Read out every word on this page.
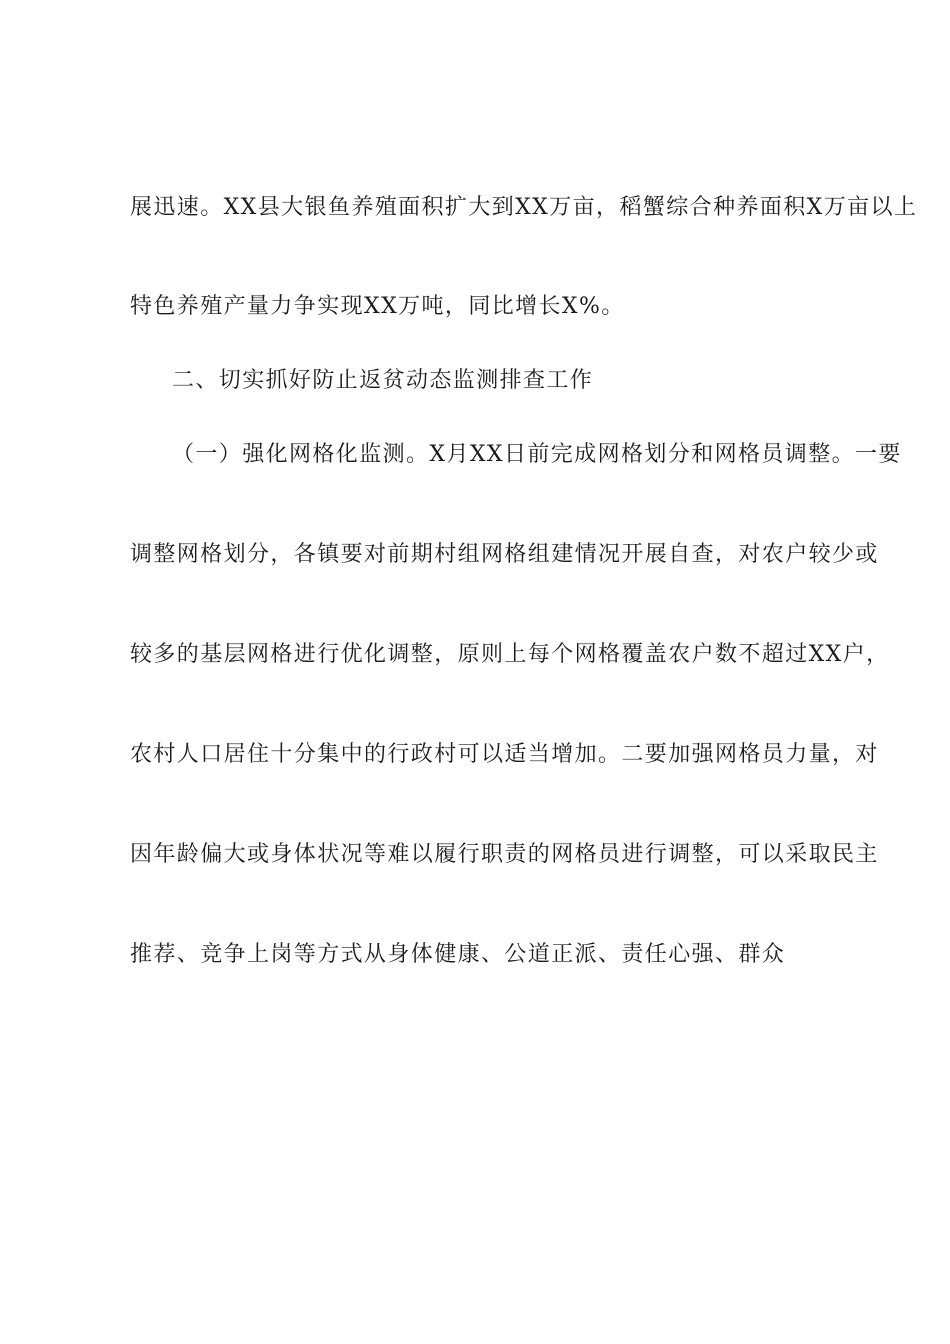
展迅速。XX县大银鱼养殖面积扩大到XX万亩，稻蟹综合种养面积X万亩以上

特色养殖产量力争实现XX万吨，同比增长X%。

二、切实抓好防止返贫动态监测排查工作

（一）强化网格化监测。X月XX日前完成网格划分和网格员调整。一要

调整网格划分，各镇要对前期村组网格组建情况开展自查，对农户较少或

较多的基层网格进行优化调整，原则上每个网格覆盖农户数不超过XX户，

农村人口居住十分集中的行政村可以适当增加。二要加强网格员力量，对

因年龄偏大或身体状况等难以履行职责的网格员进行调整，可以采取民主

推荐、竞争上岗等方式从身体健康、公道正派、责任心强、群众
